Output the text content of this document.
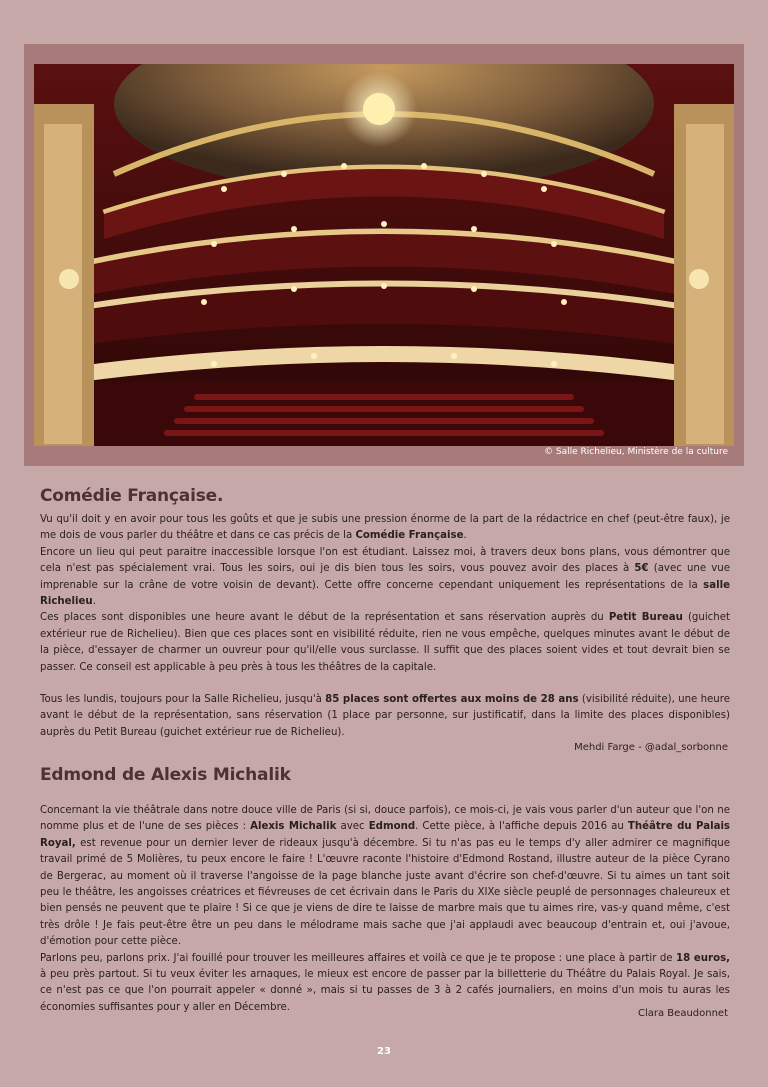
© Salle Richelieu, Ministère de la culture
Comédie Française.

Vu qu'il doit y en avoir pour tous les goûts et que je subis une pression énorme de la part de la rédactrice en chef (peut-être faux), je me dois de vous parler du théâtre et dans ce cas précis de la Comédie Française.

Encore un lieu qui peut paraitre inaccessible lorsque l'on est étudiant. Laissez moi, à travers deux bons plans, vous démontrer que cela n'est pas spécialement vrai. Tous les soirs, oui je dis bien tous les soirs, vous pouvez avoir des places à 5€ (avec une vue imprenable sur la crâne de votre voisin de devant). Cette offre concerne cependant uniquement les représentations de la salle Richelieu.

Ces places sont disponibles une heure avant le début de la représentation et sans réservation auprès du Petit Bureau (guichet extérieur rue de Richelieu). Bien que ces places sont en visibilité réduite, rien ne vous empêche, quelques minutes avant le début de la pièce, d'essayer de charmer un ouvreur pour qu'il/elle vous surclasse. Il suffit que des places soient vides et tout devrait bien se passer. Ce conseil est applicable à peu près à tous les théâtres de la capitale.

Tous les lundis, toujours pour la Salle Richelieu, jusqu'à 85 places sont offertes aux moins de 28 ans (visibilité réduite), une heure avant le début de la représentation, sans réservation (1 place par personne, sur justificatif, dans la limite des places disponibles) auprès du Petit Bureau (guichet extérieur rue de Richelieu).

Mehdi Farge - @adal_sorbonne
Edmond de Alexis Michalik

Concernant la vie théâtrale dans notre douce ville de Paris (si si, douce parfois), ce mois-ci, je vais vous parler d'un auteur que l'on ne nomme plus et de l'une de ses pièces : Alexis Michalik avec Edmond. Cette pièce, à l'affiche depuis 2016 au Théâtre du Palais Royal, est revenue pour un dernier lever de rideaux jusqu'à décembre. Si tu n'as pas eu le temps d'y aller admirer ce magnifique travail primé de 5 Molières, tu peux encore le faire ! L'œuvre raconte l'histoire d'Edmond Rostand, illustre auteur de la pièce Cyrano de Bergerac, au moment où il traverse l'angoisse de la page blanche juste avant d'écrire son chef-d'œuvre. Si tu aimes un tant soit peu le théâtre, les angoisses créatrices et fiévreuses de cet écrivain dans le Paris du XIXe siècle peuplé de personnages chaleureux et bien pensés ne peuvent que te plaire ! Si ce que je viens de dire te laisse de marbre mais que tu aimes rire, vas-y quand même, c'est très drôle ! Je fais peut-être être un peu dans le mélodrame mais sache que j'ai applaudi avec beaucoup d'entrain et, oui j'avoue, d'émotion pour cette pièce.

Parlons peu, parlons prix. J'ai fouillé pour trouver les meilleures affaires et voilà ce que je te propose : une place à partir de 18 euros, à peu près partout. Si tu veux éviter les arnaques, le mieux est encore de passer par la billetterie du Théâtre du Palais Royal. Je sais, ce n'est pas ce que l'on pourrait appeler « donné », mais si tu passes de 3 à 2 cafés journaliers, en moins d'un mois tu auras les économies suffisantes pour y aller en Décembre.

Clara Beaudonnet
23
